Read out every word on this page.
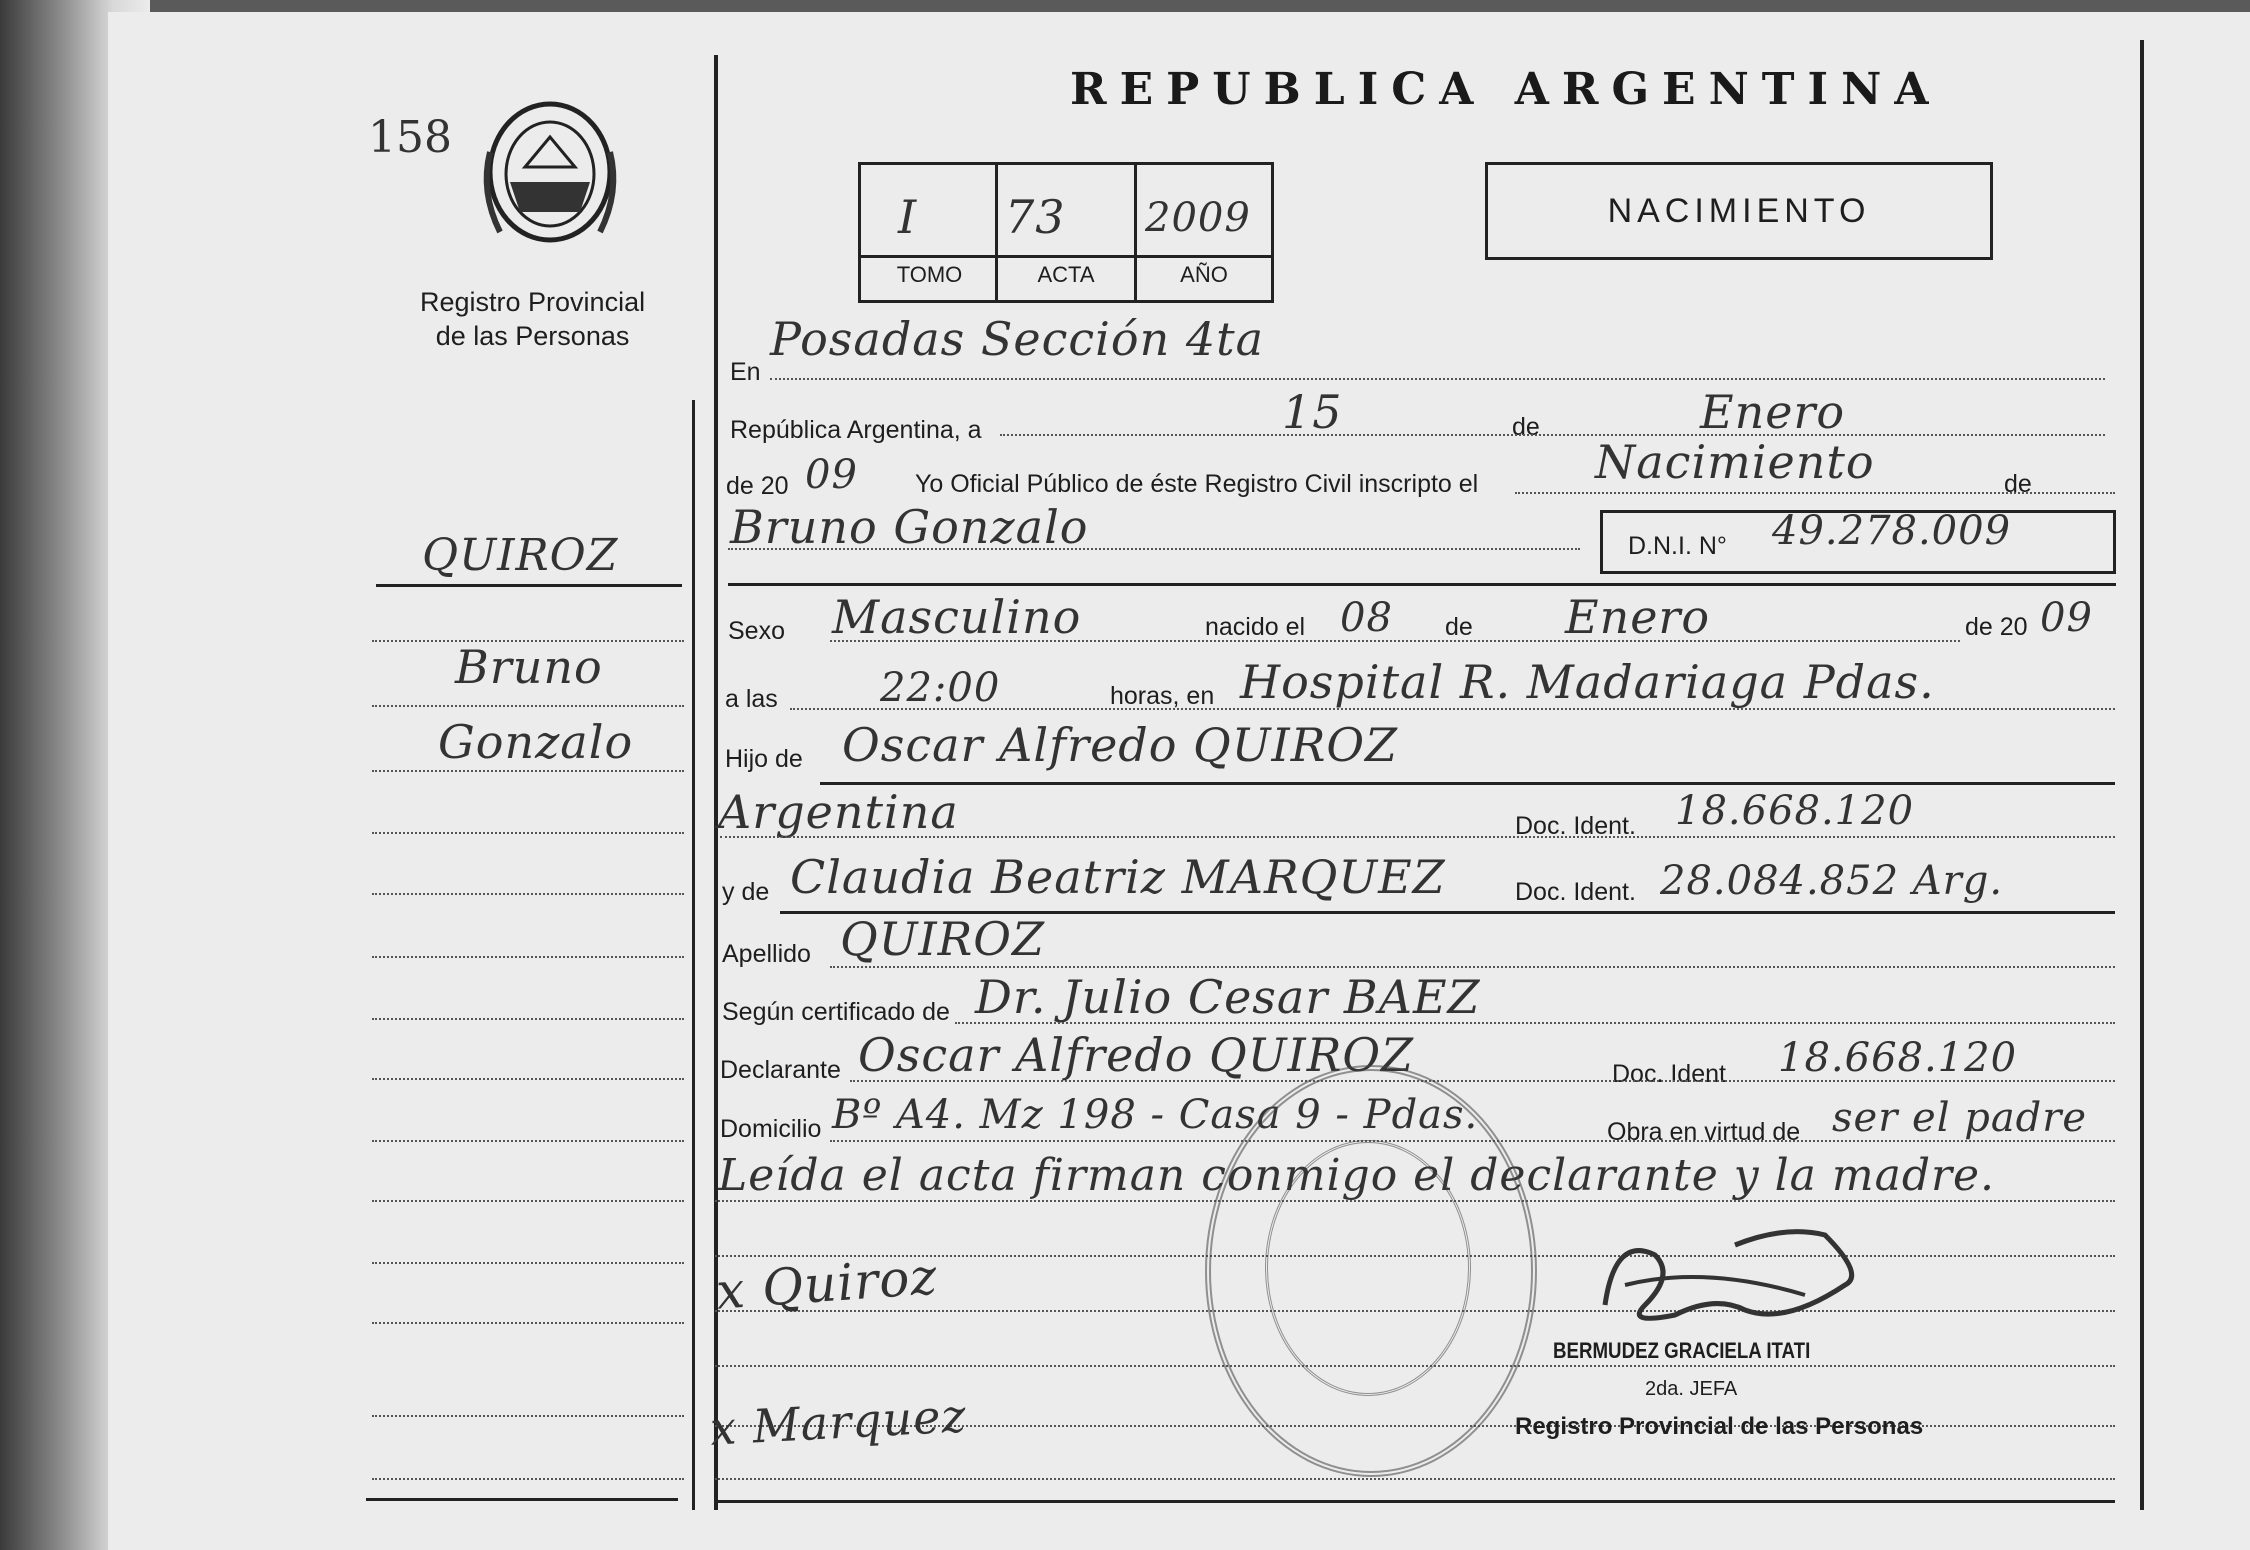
158
Registro Provincial
de las Personas
REPUBLICA ARGENTINA
I 73 2009
TOMO	ACTA	AÑO
NACIMIENTO
QUIROZ
Bruno
Gonzalo
En
Posadas Sección 4ta
República Argentina, a	15	de	Enero
de 20 09 Yo Oficial Público de éste Registro Civil inscripto el	Nacimiento	de
Bruno Gonzalo	D.N.I. N° 49.278.009
Sexo Masculino	nacido el 08 de Enero	de 20 09
a las	22:00	horas, en Hospital R. Madariaga Pdas.
Hijo de Oscar Alfredo QUIROZ
Argentina	Doc. Ident. 18.668.120
y de Claudia Beatriz MARQUEZ	Doc. Ident. 28.084.852 Arg.
Apellido QUIROZ
Según certificado de Dr. Julio Cesar BAEZ
Declarante Oscar Alfredo QUIROZ	Doc. Ident 18.668.120
Domicilio Bº A4. Mz 198 - Casa 9 - Pdas.	Obra en virtud de ser el padre
Leída el acta firman conmigo el declarante y la madre.
x Quiroz
x Marquez
BERMUDEZ GRACIELA ITATI
2da. JEFA
Registro Provincial de las Personas
